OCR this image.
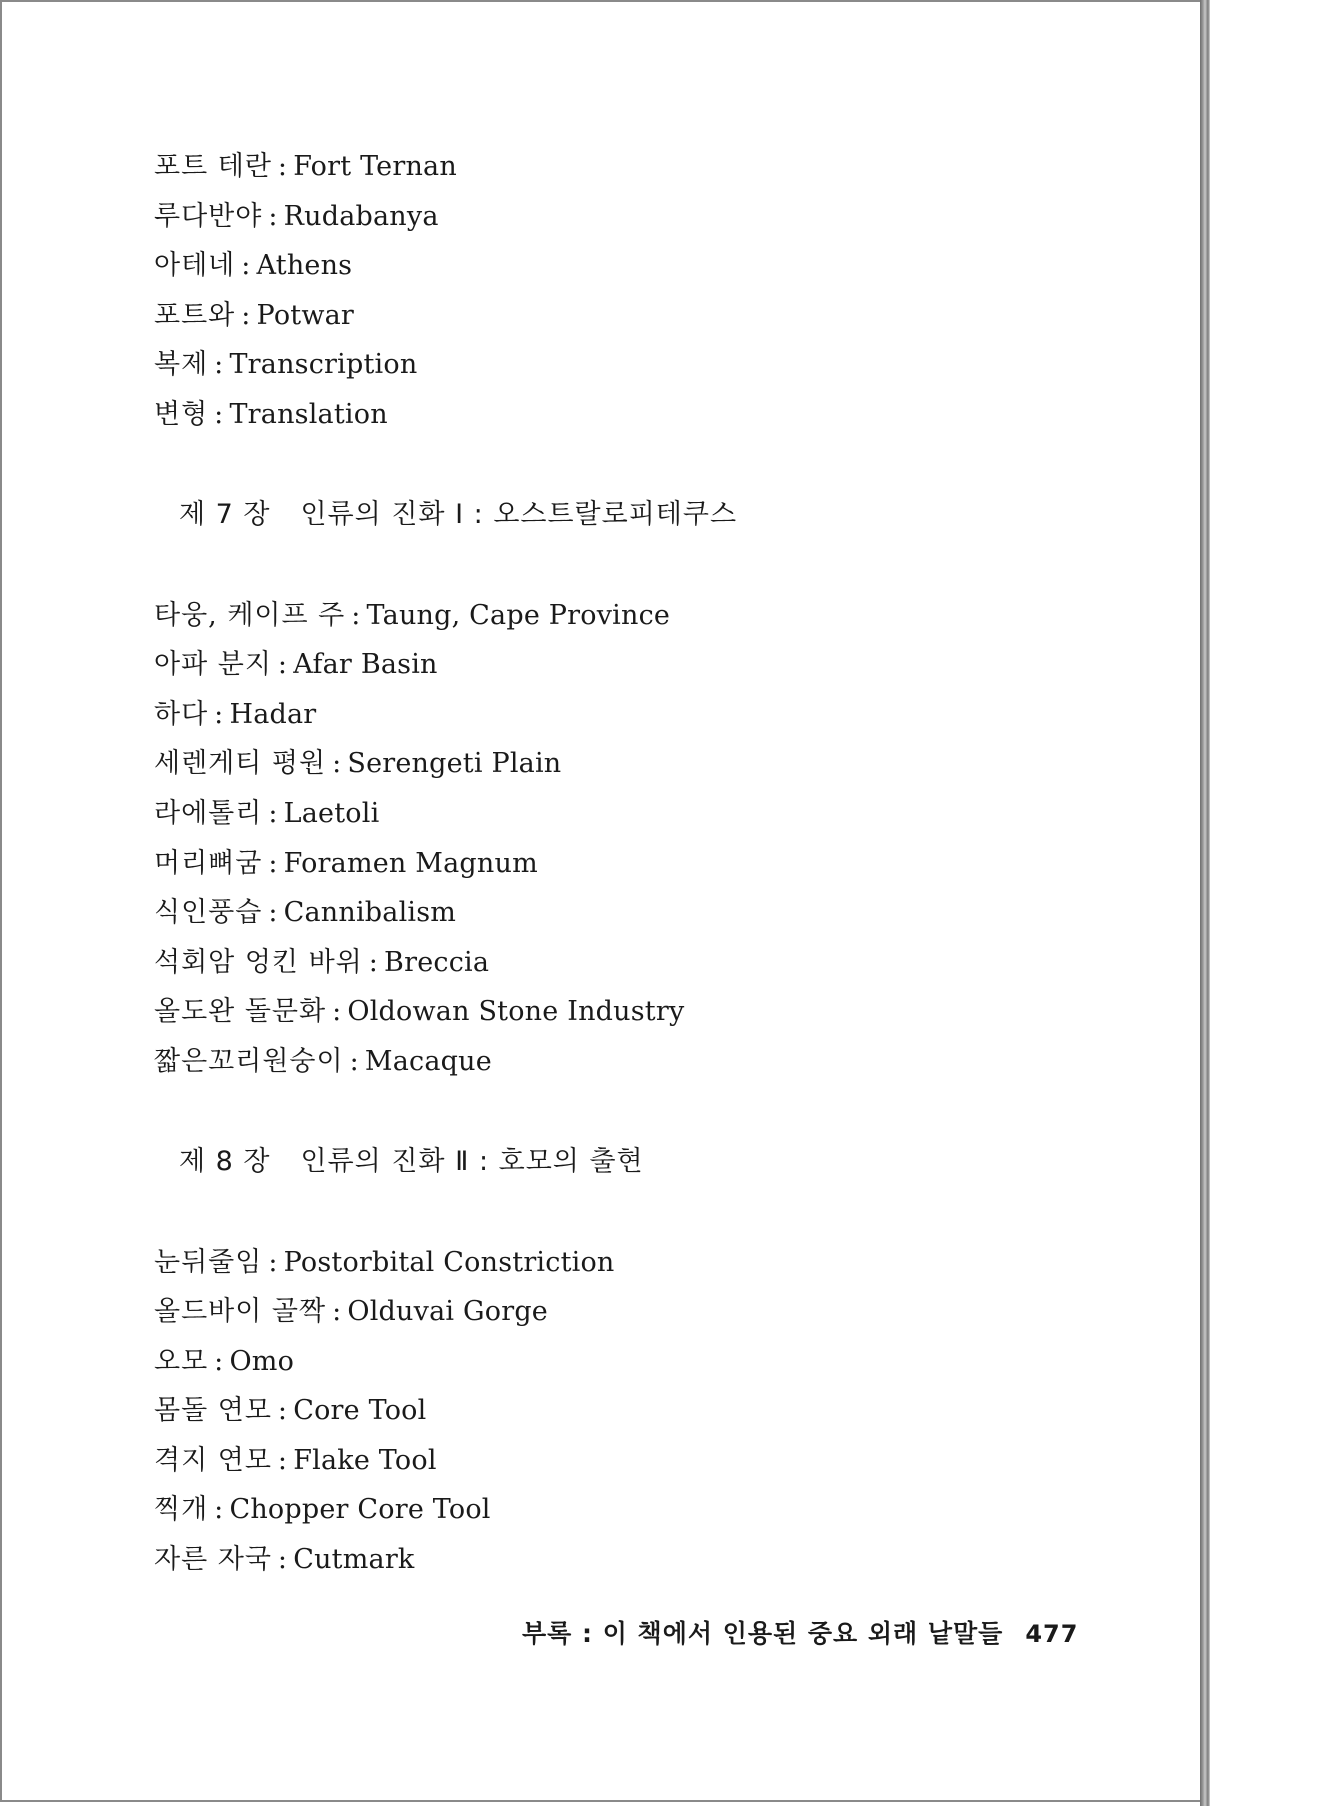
포트 테란 : Fort Ternan
루다반야 : Rudabanya
아테네 : Athens
포트와 : Potwar
복제 : Transcription
변형 : Translation
제 7 장 인류의 진화 Ⅰ : 오스트랄로피테쿠스
타웅, 케이프 주 : Taung, Cape Province
아파 분지 : Afar Basin
하다 : Hadar
세렌게티 평원 : Serengeti Plain
라에톨리 : Laetoli
머리뼈굼 : Foramen Magnum
식인풍습 : Cannibalism
석회암 엉킨 바위 : Breccia
올도완 돌문화 : Oldowan Stone Industry
짧은꼬리원숭이 : Macaque
제 8 장 인류의 진화 Ⅱ : 호모의 출현
눈뒤줄임 : Postorbital Constriction
올드바이 골짝 : Olduvai Gorge
오모 : Omo
몸돌 연모 : Core Tool
격지 연모 : Flake Tool
찍개 : Chopper Core Tool
자른 자국 : Cutmark
부록 : 이 책에서 인용된 중요 외래 낱말들 477
